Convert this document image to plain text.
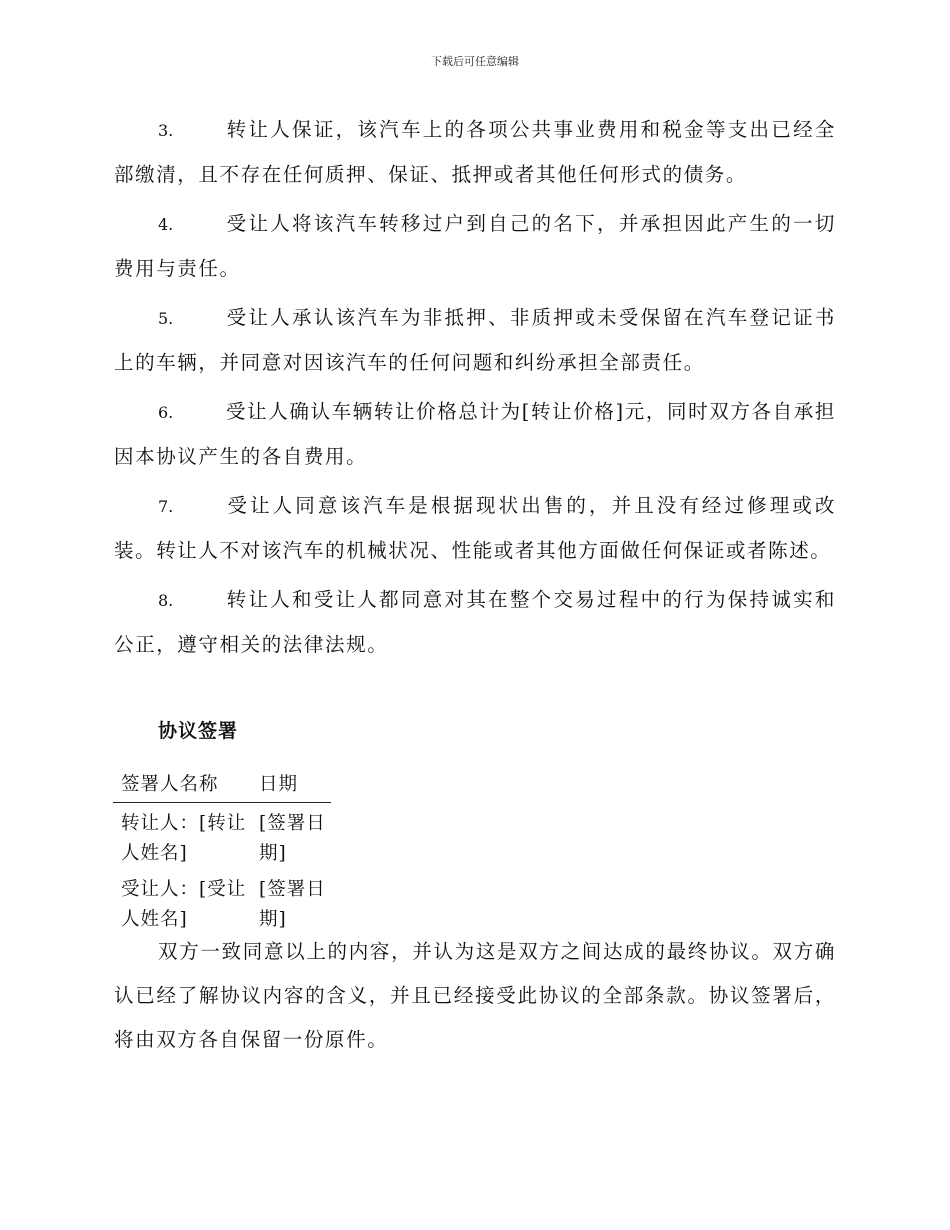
下载后可任意编辑

3.	转让人保证，该汽车上的各项公共事业费用和税金等支出已经全部缴清，且不存在任何质押、保证、抵押或者其他任何形式的债务。

4.	受让人将该汽车转移过户到自己的名下，并承担因此产生的一切费用与责任。

5.	受让人承认该汽车为非抵押、非质押或未受保留在汽车登记证书上的车辆，并同意对因该汽车的任何问题和纠纷承担全部责任。

6.	受让人确认车辆转让价格总计为[转让价格]元，同时双方各自承担因本协议产生的各自费用。

7.	受让人同意该汽车是根据现状出售的，并且没有经过修理或改装。转让人不对该汽车的机械状况、性能或者其他方面做任何保证或者陈述。

8.	转让人和受让人都同意对其在整个交易过程中的行为保持诚实和公正，遵守相关的法律法规。

协议签署
签署人名称	日期
转让人：[转让人姓名]	[签署日期]
受让人：[受让人姓名]	[签署日期]

双方一致同意以上的内容，并认为这是双方之间达成的最终协议。双方确认已经了解协议内容的含义，并且已经接受此协议的全部条款。协议签署后，将由双方各自保留一份原件。
